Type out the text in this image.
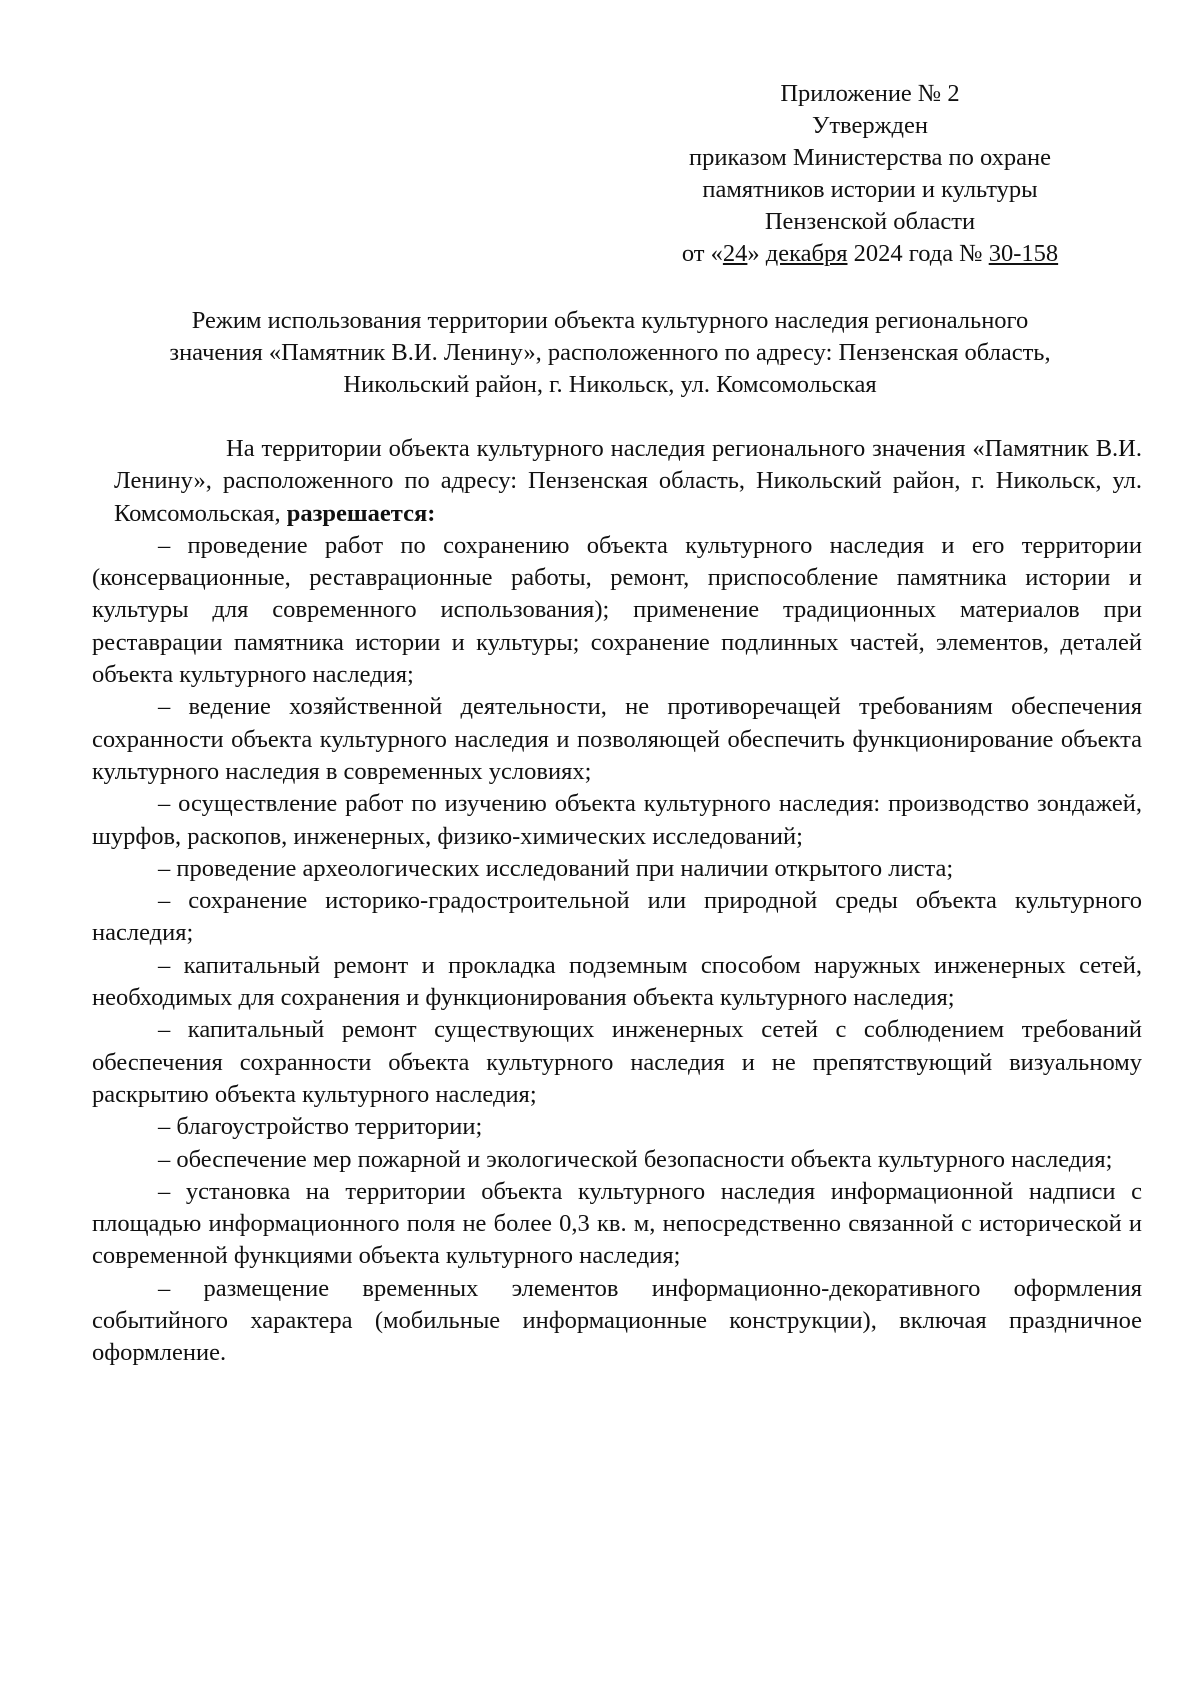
Приложение № 2
Утвержден
приказом Министерства по охране
памятников истории и культуры
Пензенской области
от «24» декабря 2024 года № 30-158
Режим использования территории объекта культурного наследия регионального
значения «Памятник В.И. Ленину», расположенного по адресу: Пензенская область,
Никольский район, г. Никольск, ул. Комсомольская

На территории объекта культурного наследия регионального значения «Памятник В.И. Ленину», расположенного по адресу: Пензенская область, Никольский район, г. Никольск, ул. Комсомольская, разрешается:

– проведение работ по сохранению объекта культурного наследия и его территории (консервационные, реставрационные работы, ремонт, приспособление памятника истории и культуры для современного использования); применение традиционных материалов при реставрации памятника истории и культуры; сохранение подлинных частей, элементов, деталей объекта культурного наследия;

– ведение хозяйственной деятельности, не противоречащей требованиям обеспечения сохранности объекта культурного наследия и позволяющей обеспечить функционирование объекта культурного наследия в современных условиях;

– осуществление работ по изучению объекта культурного наследия: производство зондажей, шурфов, раскопов, инженерных, физико-химических исследований;

– проведение археологических исследований при наличии открытого листа;

– сохранение историко-градостроительной или природной среды объекта культурного наследия;

– капитальный ремонт и прокладка подземным способом наружных инженерных сетей, необходимых для сохранения и функционирования объекта культурного наследия;

– капитальный ремонт существующих инженерных сетей с соблюдением требований обеспечения сохранности объекта культурного наследия и не препятствующий визуальному раскрытию объекта культурного наследия;

– благоустройство территории;

– обеспечение мер пожарной и экологической безопасности объекта культурного наследия;

– установка на территории объекта культурного наследия информационной надписи с площадью информационного поля не более 0,3 кв. м, непосредственно связанной с исторической и современной функциями объекта культурного наследия;

– размещение временных элементов информационно-декоративного оформления событийного характера (мобильные информационные конструкции), включая праздничное оформление.
